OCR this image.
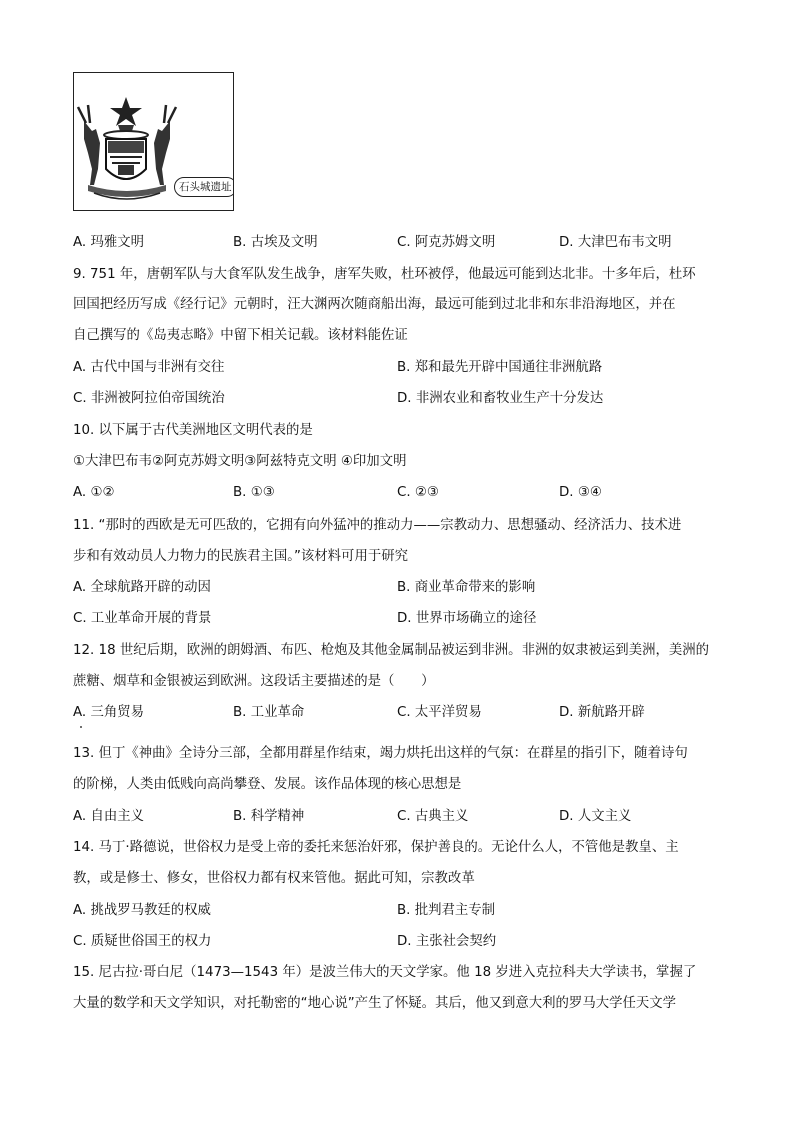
石头城遗址
A. 玛雅文明	B. 古埃及文明	C. 阿克苏姆文明	D. 大津巴布韦文明
9. 751 年，唐朝军队与大食军队发生战争，唐军失败，杜环被俘，他最远可能到达北非。十多年后，杜环
回国把经历写成《经行记》元朝时，汪大渊两次随商船出海，最远可能到过北非和东非沿海地区，并在
自己撰写的《岛夷志略》中留下相关记载。该材料能佐证
A. 古代中国与非洲有交往	B. 郑和最先开辟中国通往非洲航路
C. 非洲被阿拉伯帝国统治	D. 非洲农业和畜牧业生产十分发达
10. 以下属于古代美洲地区文明代表的是
①大津巴布韦②阿克苏姆文明③阿兹特克文明 ④印加文明
A. ①②	B. ①③	C. ②③	D. ③④
11. “那时的西欧是无可匹敌的，它拥有向外猛冲的推动力——宗教动力、思想骚动、经济活力、技术进
步和有效动员人力物力的民族君主国。”该材料可用于研究
A. 全球航路开辟的动因	B. 商业革命带来的影响
C. 工业革命开展的背景	D. 世界市场确立的途径
12. 18 世纪后期，欧洲的朗姆酒、布匹、枪炮及其他金属制品被运到非洲。非洲的奴隶被运到美洲，美洲的
蔗糖、烟草和金银被运到欧洲。这段话主要描述的是（　　）
A. 三角贸易	B. 工业革命	C. 太平洋贸易	D. 新航路开辟
13. 但丁《神曲》全诗分三部，全都用群星作结束，竭力烘托出这样的气氛：在群星的指引下，随着诗句
的阶梯，人类由低贱向高尚攀登、发展。该作品体现的核心思想是
A. 自由主义	B. 科学精神	C. 古典主义	D. 人文主义
14. 马丁·路德说，世俗权力是受上帝的委托来惩治奸邪，保护善良的。无论什么人，不管他是教皇、主
教，或是修士、修女，世俗权力都有权来管他。据此可知，宗教改革
A. 挑战罗马教廷的权威	B. 批判君主专制
C. 质疑世俗国王的权力	D. 主张社会契约
15. 尼古拉·哥白尼（1473—1543 年）是波兰伟大的天文学家。他 18 岁进入克拉科夫大学读书，掌握了
大量的数学和天文学知识，对托勒密的“地心说”产生了怀疑。其后，他又到意大利的罗马大学任天文学
